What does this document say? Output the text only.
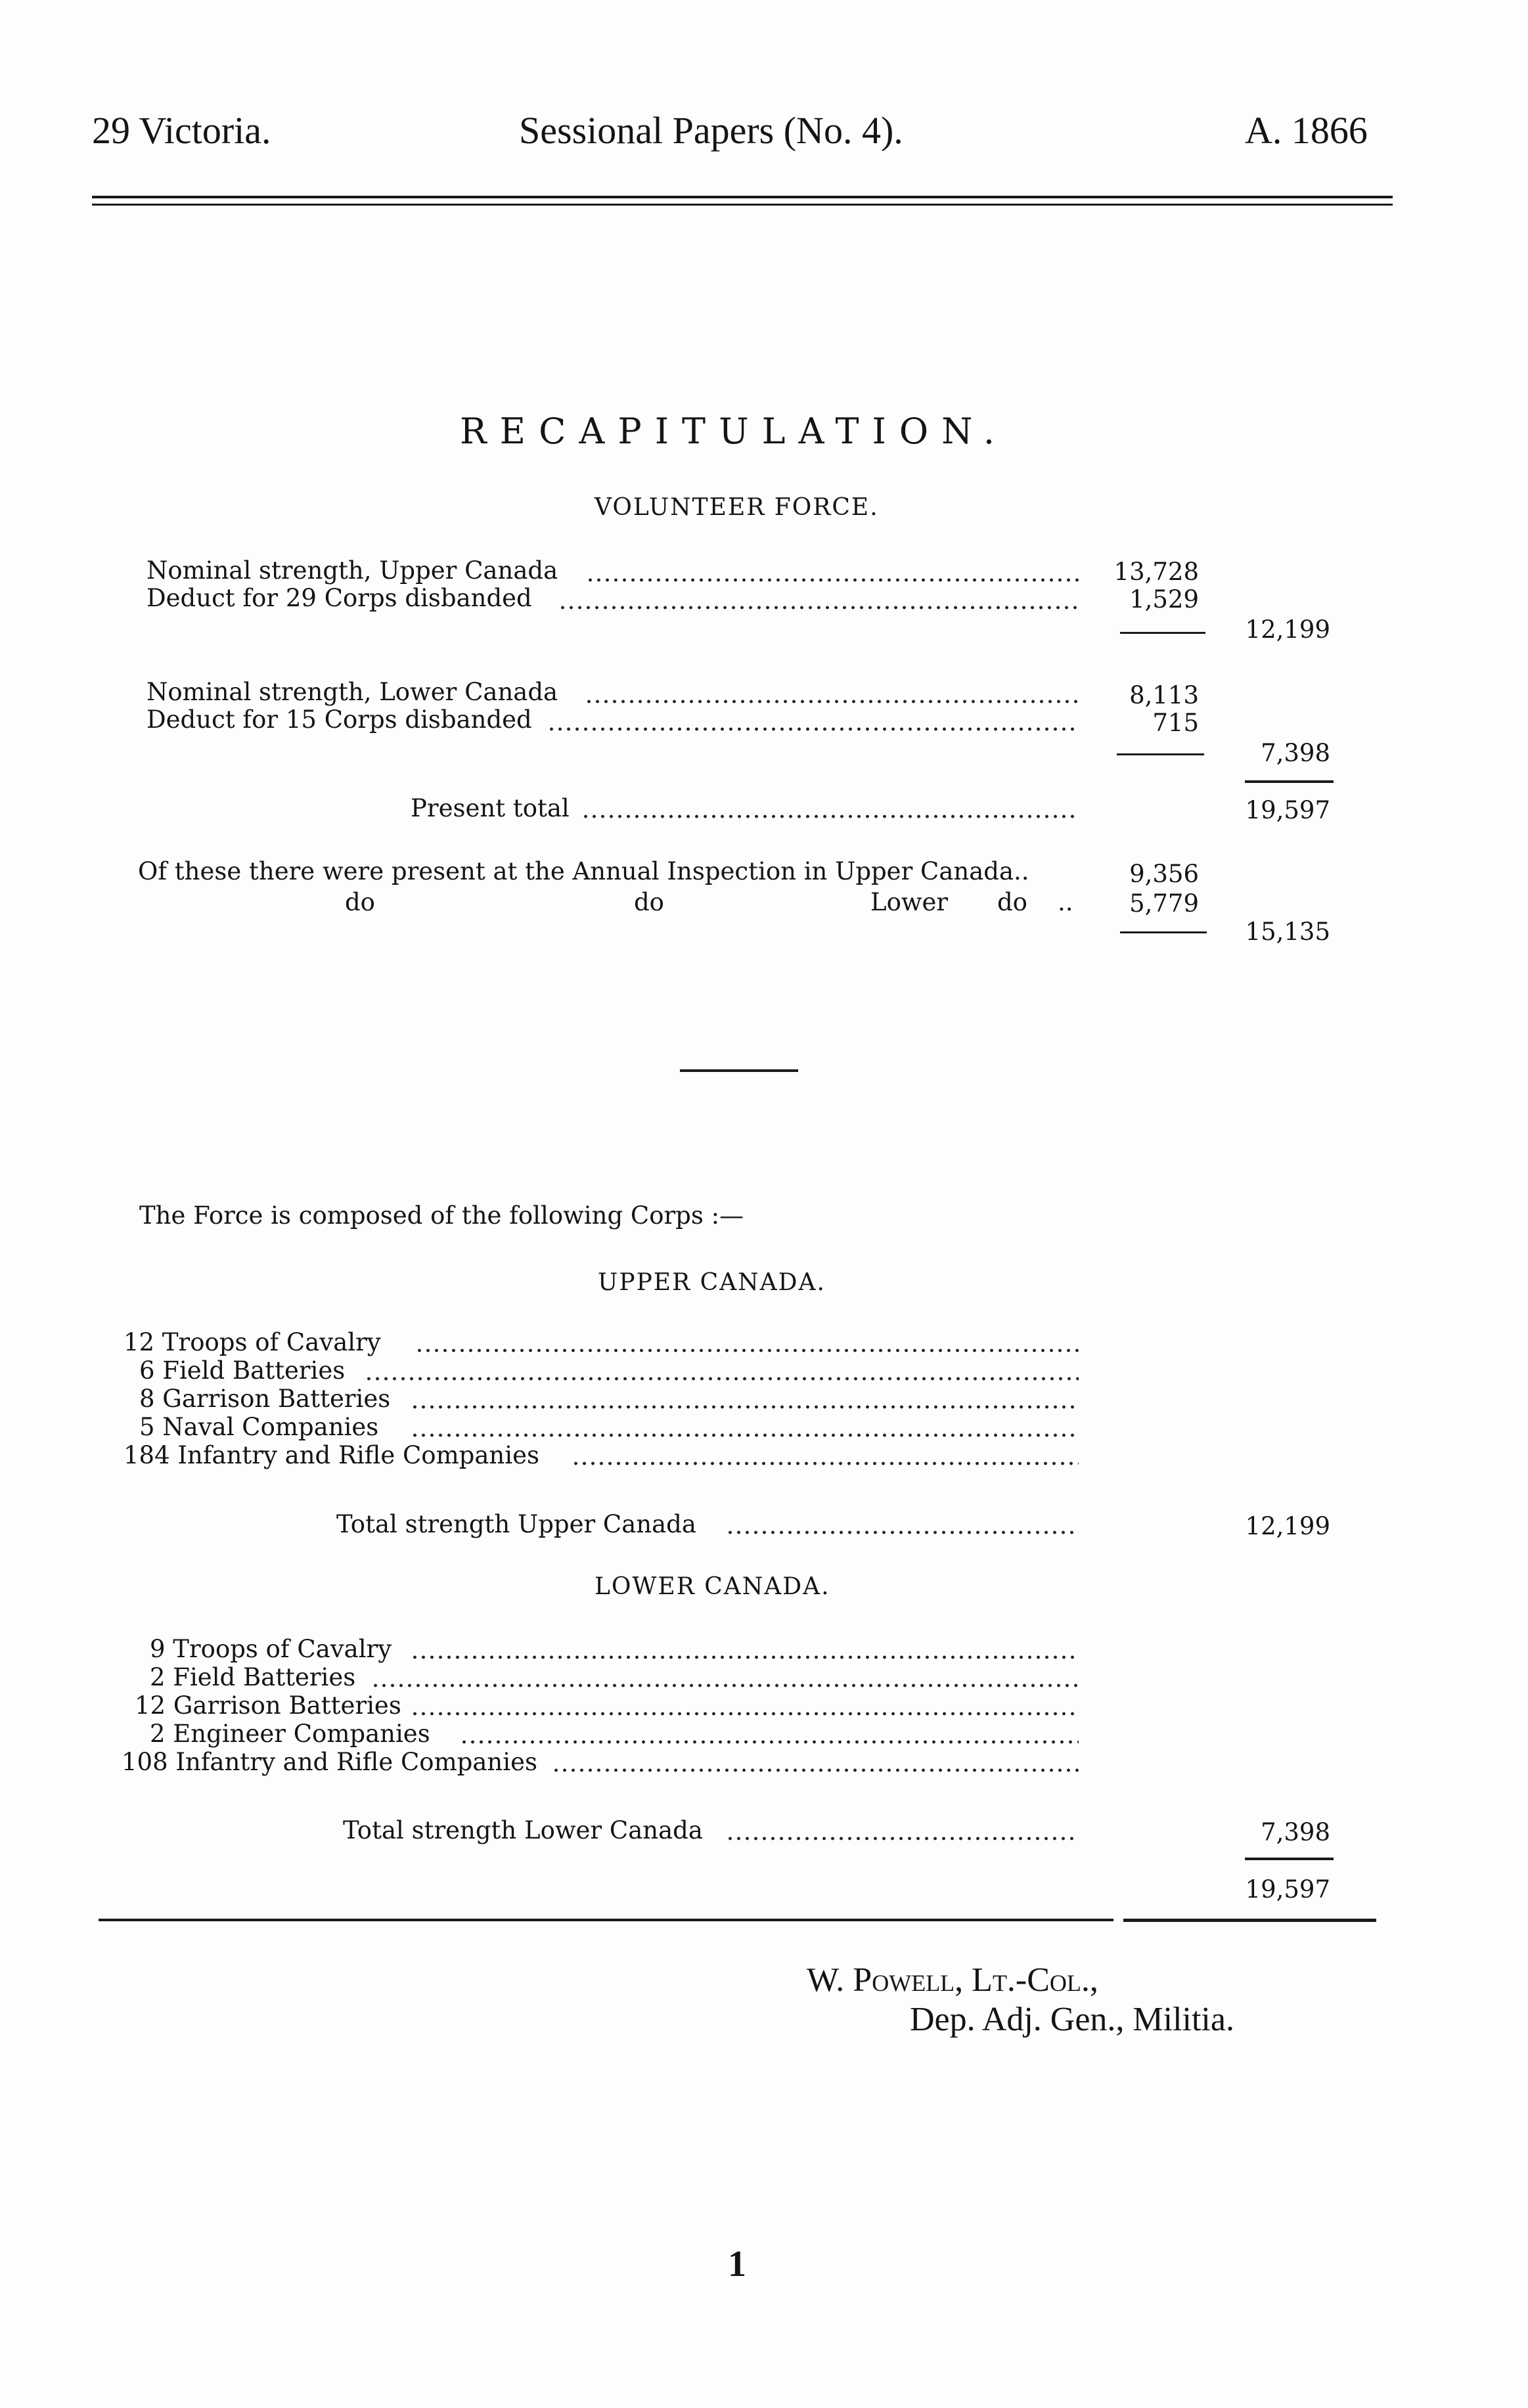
29 Victoria.	Sessional Papers (No. 4).	A. 1866
RECAPITULATION.
VOLUNTEER FORCE.
Nominal strength, Upper Canada	13,728
Deduct for 29 Corps disbanded	1,529
12,199
Nominal strength, Lower Canada	8,113
Deduct for 15 Corps disbanded	715
7,398
Present total	19,597
Of these there were present at the Annual Inspection in Upper Canada..	9,356
do	do	Lower do ..	5,779
15,135
The Force is composed of the following Corps :—
UPPER CANADA.
12 Troops of Cavalry
6 Field Batteries
8 Garrison Batteries
5 Naval Companies
184 Infantry and Rifle Companies
Total strength Upper Canada	12,199
LOWER CANADA.
9 Troops of Cavalry
2 Field Batteries
12 Garrison Batteries
2 Engineer Companies
108 Infantry and Rifle Companies
Total strength Lower Canada	7,398
19,597
W. Powell, Lt.-Col.,
Dep. Adj. Gen., Militia.
1
